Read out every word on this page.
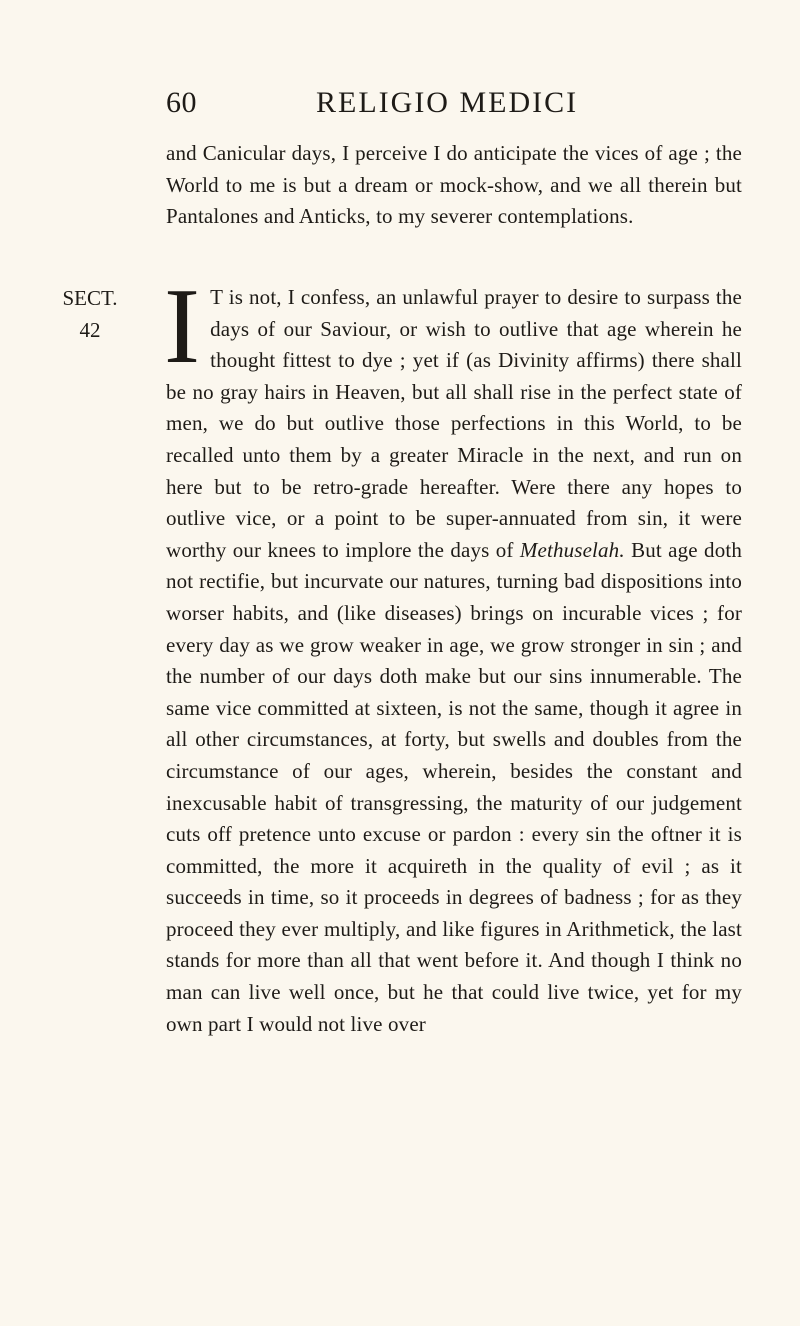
60	RELIGIO MEDICI

and Canicular days, I perceive I do anticipate the vices of age ; the World to me is but a dream or mock-show, and we all therein but Pantalones and Anticks, to my severer contemplations.

SECT.
42 I T is not, I confess, an unlawful prayer to desire to surpass the days of our Saviour, or wish to outlive that age wherein he thought fittest to dye ; yet if (as Divinity affirms) there shall be no gray hairs in Heaven, but all shall rise in the perfect state of men, we do but outlive those perfections in this World, to be recalled unto them by a greater Miracle in the next, and run on here but to be retro-grade hereafter. Were there any hopes to outlive vice, or a point to be super-annuated from sin, it were worthy our knees to implore the days of Methuselah. But age doth not rectifie, but incurvate our natures, turning bad dispositions into worser habits, and (like diseases) brings on incurable vices ; for every day as we grow weaker in age, we grow stronger in sin ; and the number of our days doth make but our sins innumerable. The same vice committed at sixteen, is not the same, though it agree in all other circumstances, at forty, but swells and doubles from the circumstance of our ages, wherein, besides the constant and inexcusable habit of transgressing, the maturity of our judgement cuts off pretence unto excuse or pardon : every sin the oftner it is committed, the more it acquireth in the quality of evil ; as it succeeds in time, so it proceeds in degrees of badness ; for as they proceed they ever multiply, and like figures in Arithmetick, the last stands for more than all that went before it. And though I think no man can live well once, but he that could live twice, yet for my own part I would not live over
